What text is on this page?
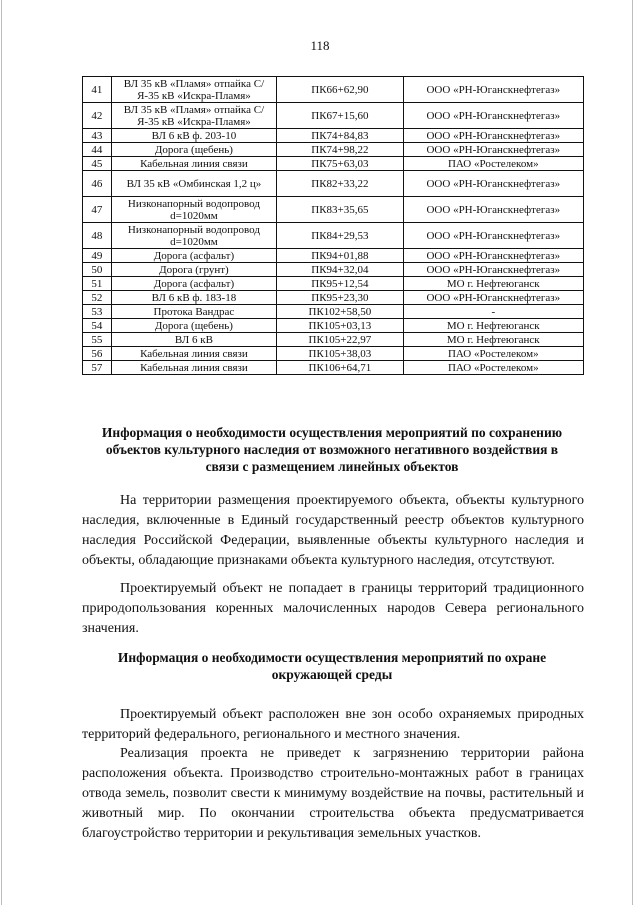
118
41	ВЛ 35 кВ «Пламя» отпайка С/Я-35 кВ «Искра-Пламя»	ПК66+62,90	ООО «РН-Юганскнефтегаз»
42	ВЛ 35 кВ «Пламя» отпайка С/Я-35 кВ «Искра-Пламя»	ПК67+15,60	ООО «РН-Юганскнефтегаз»
43	ВЛ 6 кВ ф. 203-10	ПК74+84,83	ООО «РН-Юганскнефтегаз»
44	Дорога (щебень)	ПК74+98,22	ООО «РН-Юганскнефтегаз»
45	Кабельная линия связи	ПК75+63,03	ПАО «Ростелеком»
46	ВЛ 35 кВ «Омбинская 1,2 ц»	ПК82+33,22	ООО «РН-Юганскнефтегаз»
47	Низконапорный водопровод d=1020мм	ПК83+35,65	ООО «РН-Юганскнефтегаз»
48	Низконапорный водопровод d=1020мм	ПК84+29,53	ООО «РН-Юганскнефтегаз»
49	Дорога (асфальт)	ПК94+01,88	ООО «РН-Юганскнефтегаз»
50	Дорога (грунт)	ПК94+32,04	ООО «РН-Юганскнефтегаз»
51	Дорога (асфальт)	ПК95+12,54	МО г. Нефтеюганск
52	ВЛ 6 кВ ф. 183-18	ПК95+23,30	ООО «РН-Юганскнефтегаз»
53	Протока Вандрас	ПК102+58,50	-
54	Дорога (щебень)	ПК105+03,13	МО г. Нефтеюганск
55	ВЛ 6 кВ	ПК105+22,97	МО г. Нефтеюганск
56	Кабельная линия связи	ПК105+38,03	ПАО «Ростелеком»
57	Кабельная линия связи	ПК106+64,71	ПАО «Ростелеком»
Информация о необходимости осуществления мероприятий по сохранению объектов культурного наследия от возможного негативного воздействия в связи с размещением линейных объектов

На территории размещения проектируемого объекта, объекты культурного наследия, включенные в Единый государственный реестр объектов культурного наследия Российской Федерации, выявленные объекты культурного наследия и объекты, обладающие признаками объекта культурного наследия, отсутствуют.

Проектируемый объект не попадает в границы территорий традиционного природопользования коренных малочисленных народов Севера регионального значения.

Информация о необходимости осуществления мероприятий по охране окружающей среды

Проектируемый объект расположен вне зон особо охраняемых природных территорий федерального, регионального и местного значения.

Реализация проекта не приведет к загрязнению территории района расположения объекта. Производство строительно-монтажных работ в границах отвода земель, позволит свести к минимуму воздействие на почвы, растительный и животный мир. По окончании строительства объекта предусматривается благоустройство территории и рекультивация земельных участков.
